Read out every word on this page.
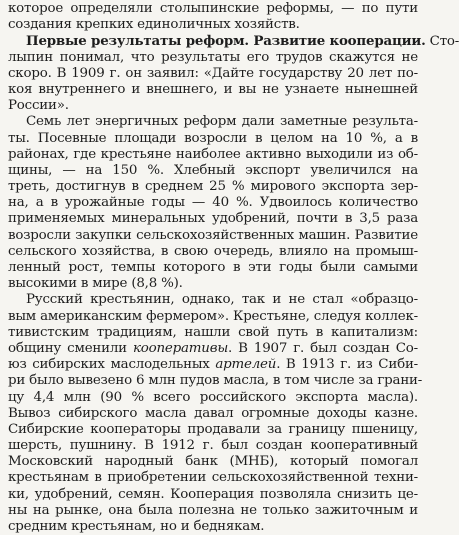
которое определяли столыпинские реформы, — по пути
создания крепких единоличных хозяйств.
Первые результаты реформ. Развитие кооперации. Сто-
лыпин понимал, что результаты его трудов скажутся не
скоро. В 1909 г. он заявил: «Дайте государству 20 лет по-
коя внутреннего и внешнего, и вы не узнаете нынешней
России».
Семь лет энергичных реформ дали заметные результа-
ты. Посевные площади возросли в целом на 10 %, а в
районах, где крестьяне наиболее активно выходили из об-
щины, — на 150 %. Хлебный экспорт увеличился на
треть, достигнув в среднем 25 % мирового экспорта зер-
на, а в урожайные годы — 40 %. Удвоилось количество
применяемых минеральных удобрений, почти в 3,5 раза
возросли закупки сельскохозяйственных машин. Развитие
сельского хозяйства, в свою очередь, влияло на промыш-
ленный рост, темпы которого в эти годы были самыми
высокими в мире (8,8 %).
Русский крестьянин, однако, так и не стал «образцо-
вым американским фермером». Крестьяне, следуя коллек-
тивистским традициям, нашли свой путь в капитализм:
общину сменили кооперативы. В 1907 г. был создан Со-
юз сибирских маслодельных артелей. В 1913 г. из Сиби-
ри было вывезено 6 млн пудов масла, в том числе за грани-
цу 4,4 млн (90 % всего российского экспорта масла).
Вывоз сибирского масла давал огромные доходы казне.
Сибирские кооператоры продавали за границу пшеницу,
шерсть, пушнину. В 1912 г. был создан кооперативный
Московский народный банк (МНБ), который помогал
крестьянам в приобретении сельскохозяйственной техни-
ки, удобрений, семян. Кооперация позволяла снизить це-
ны на рынке, она была полезна не только зажиточным и
средним крестьянам, но и беднякам.
